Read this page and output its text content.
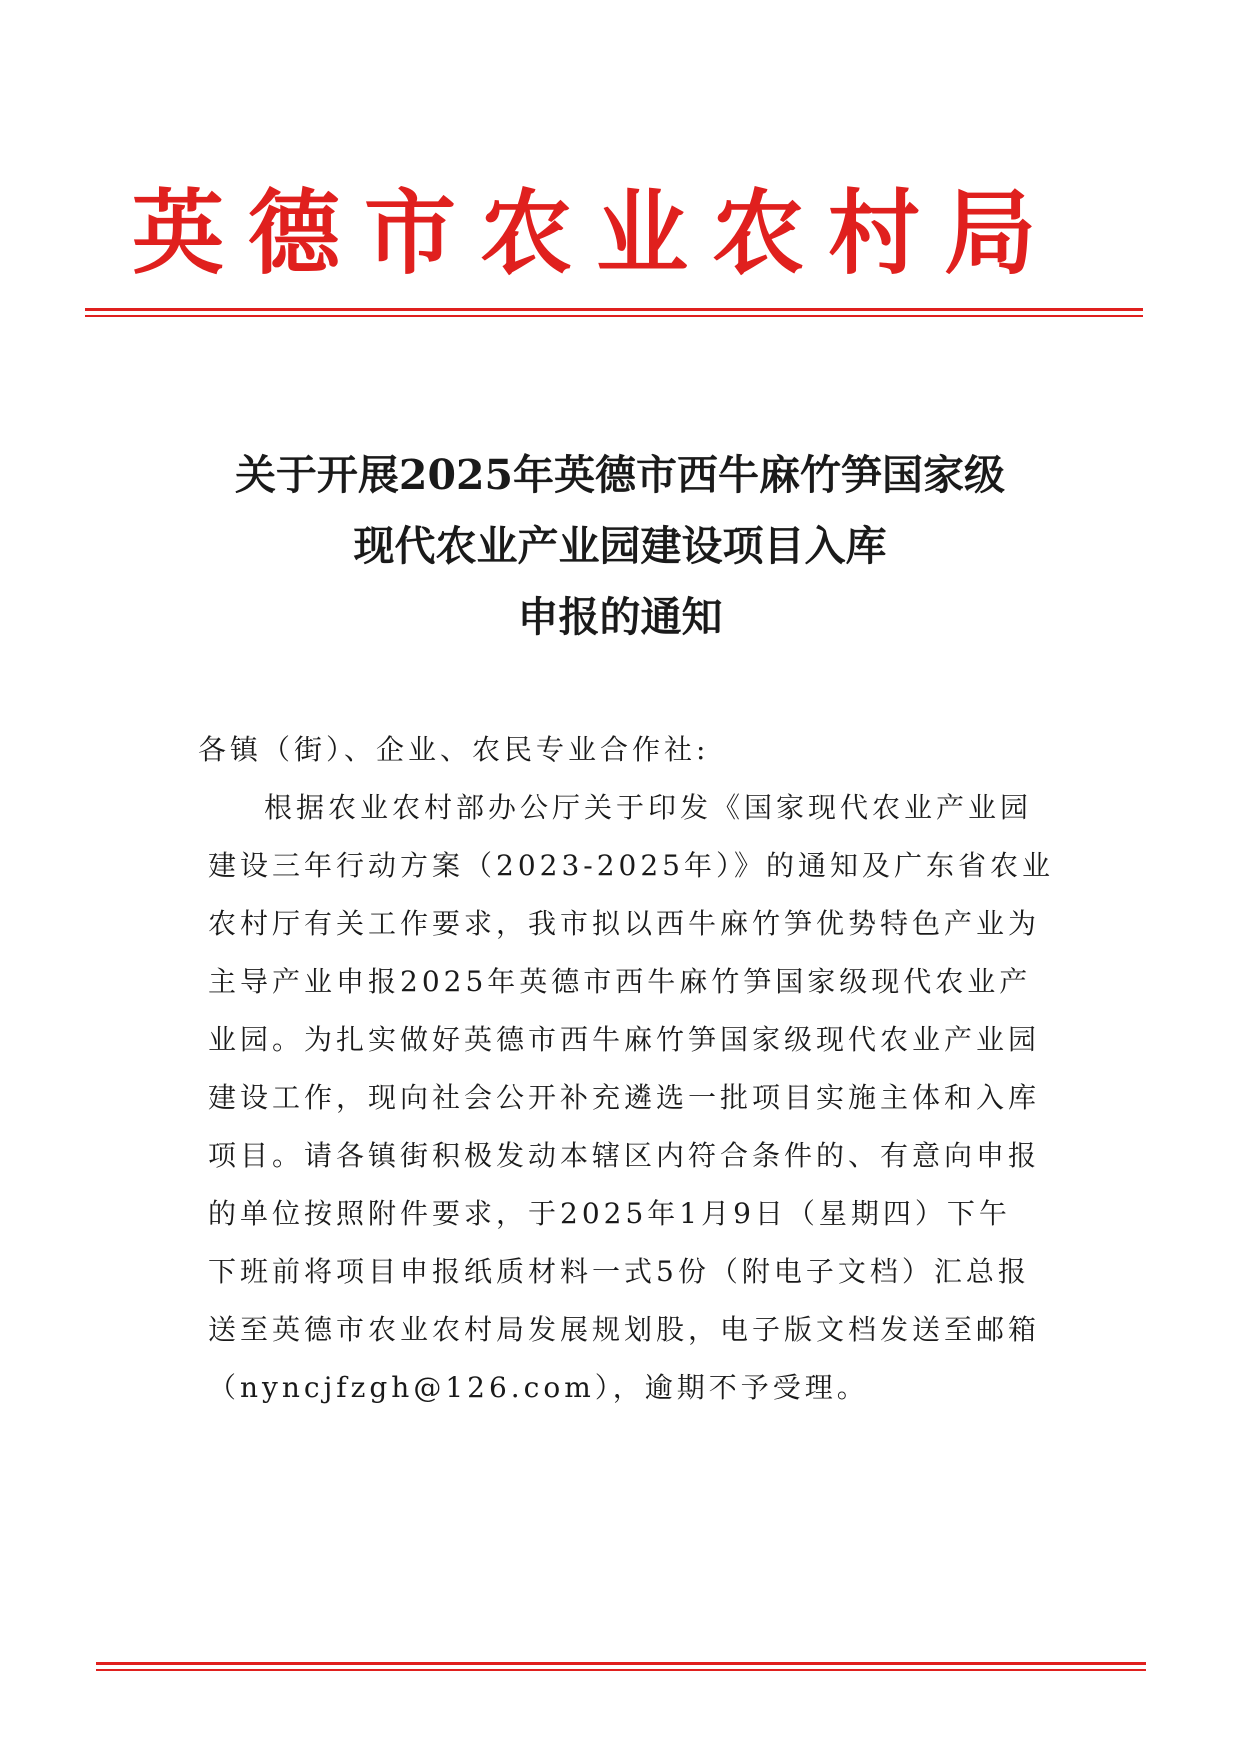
英德市农业农村局
关于开展2025年英德市西牛麻竹笋国家级
现代农业产业园建设项目入库
申报的通知
各镇（街）、企业、农民专业合作社:
根据农业农村部办公厅关于印发《国家现代农业产业园
建设三年行动方案（2023-2025年）》的通知及广东省农业
农村厅有关工作要求，我市拟以西牛麻竹笋优势特色产业为
主导产业申报2025年英德市西牛麻竹笋国家级现代农业产
业园。为扎实做好英德市西牛麻竹笋国家级现代农业产业园
建设工作，现向社会公开补充遴选一批项目实施主体和入库
项目。请各镇街积极发动本辖区内符合条件的、有意向申报
的单位按照附件要求，于2025年1月9日（星期四）下午
下班前将项目申报纸质材料一式5份（附电子文档）汇总报
送至英德市农业农村局发展规划股，电子版文档发送至邮箱
（nyncjfzgh@126.com），逾期不予受理。
